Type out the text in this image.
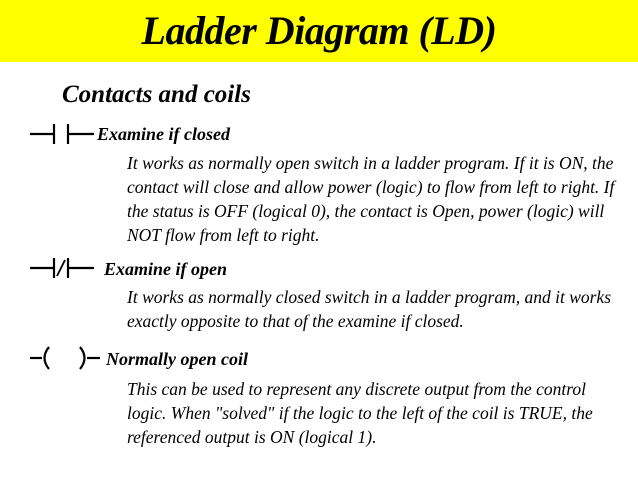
Ladder Diagram (LD)
Contacts and coils
Examine if closed

It works as normally open switch in a ladder program. If it is ON, the contact will close and allow power (logic) to flow from left to right. If the status is OFF (logical 0), the contact is Open, power (logic) will NOT flow from left to right.

Examine if open

It works as normally closed switch in a ladder program, and it works exactly opposite to that of the examine if closed.

Normally open coil

This can be used to represent any discrete output from the control logic. When "solved" if the logic to the left of the coil is TRUE, the referenced output is ON (logical 1).
